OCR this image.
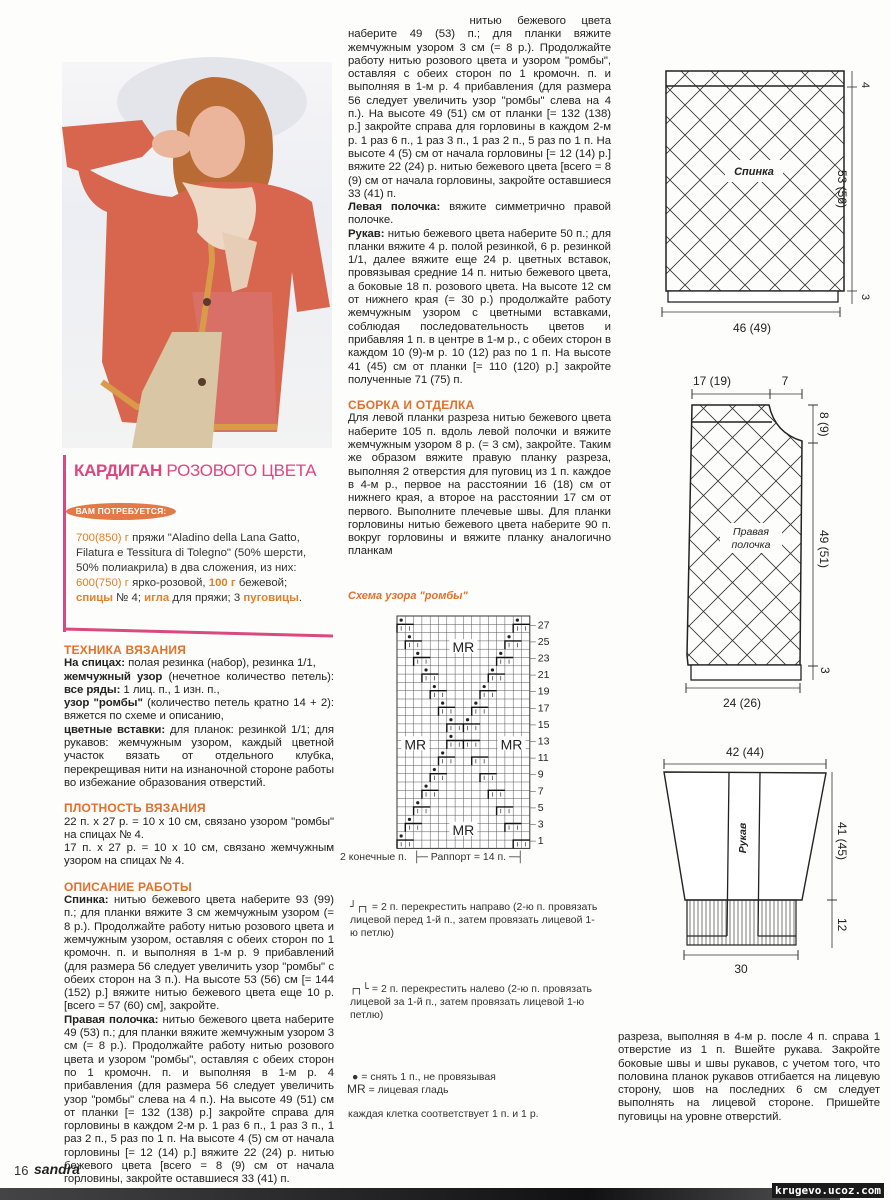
КАРДИГАН РОЗОВОГО ЦВЕТА
ВАМ ПОТРЕБУЕТСЯ:
700(850) г пряжи "Aladino della Lana Gatto, Filatura e Tessitura di Tolegno" (50% шерсти, 50% полиакрила) в два сложения, из них: 600(750) г ярко-розовой, 100 г бежевой; спицы № 4; игла для пряжи; 3 пуговицы.
ТЕХНИКА ВЯЗАНИЯ

На спицах: полая резинка (набор), резинка 1/1,

жемчужный узор (нечетное количество петель): все ряды: 1 лиц. п., 1 изн. п.,

узор "ромбы" (количество петель кратно 14 + 2): вяжется по схеме и описанию,

цветные вставки: для планок: резинкой 1/1; для рукавов: жемчужным узором, каждый цветной участок вязать от отдельного клубка, перекрещивая нити на изнаночной стороне работы во избежание образования отверстий.

ПЛОТНОСТЬ ВЯЗАНИЯ

22 п. х 27 р. = 10 х 10 см, связано узором "ромбы" на спицах № 4.

17 п. х 27 р. = 10 х 10 см, связано жемчужным узором на спицах № 4.

ОПИСАНИЕ РАБОТЫ

Спинка: нитью бежевого цвета наберите 93 (99) п.; для планки вяжите 3 см жемчужным узором (= 8 р.). Продолжайте работу нитью розового цвета и жемчужным узором, оставляя с обеих сторон по 1 кромочн. п. и выполняя в 1-м р. 9 прибавлений (для размера 56 следует увеличить узор "ромбы" с обеих сторон на 3 п.). На высоте 53 (56) см [= 144 (152) р.] вяжите нитью бежевого цвета еще 10 р. [всего = 57 (60) см], закройте.

Правая полочка: нитью бежевого цвета наберите 49 (53) п.; для планки вяжите жемчужным узором 3 см (= 8 р.). Продолжайте работу нитью розового цвета и узором "ромбы", оставляя с обеих сторон по 1 кромочн. п. и выполняя в 1-м р. 4 прибавления (для размера 56 следует увеличить узор "ромбы" слева на 4 п.). На высоте 49 (51) см от планки [= 132 (138) р.] закройте справа для горловины в каждом 2-м р. 1 раз 6 п., 1 раз 3 п., 1 раз 2 п., 5 раз по 1 п. На высоте 4 (5) см от начала горловины [= 12 (14) р.] вяжите 22 (24) р. нитью бежевого цвета [всего = 8 (9) см от начала горловины, закройте оставшиеся 33 (41) п.

нитью бежевого цвета наберите 49 (53) п.; для планки вяжите жемчужным узором 3 см (= 8 р.). Продолжайте работу нитью розового цвета и узором "ромбы", оставляя с обеих сторон по 1 кромочн. п. и выполняя в 1-м р. 4 прибавления (для размера 56 следует увеличить узор "ромбы" слева на 4 п.). На высоте 49 (51) см от планки [= 132 (138) р.] закройте справа для горловины в каждом 2-м р. 1 раз 6 п., 1 раз 3 п., 1 раз 2 п., 5 раз по 1 п. На высоте 4 (5) см от начала горловины [= 12 (14) р.] вяжите 22 (24) р. нитью бежевого цвета [всего = 8 (9) см от начала горловины, закройте оставшиеся 33 (41) п.

Левая полочка: вяжите симметрично правой полочке.

Рукав: нитью бежевого цвета наберите 50 п.; для планки вяжите 4 р. полой резинкой, 6 р. резинкой 1/1, далее вяжите еще 24 р. цветных вставок, провязывая средние 14 п. нитью бежевого цвета, а боковые 18 п. розового цвета. На высоте 12 см от нижнего края (= 30 р.) продолжайте работу жемчужным узором с цветными вставками, соблюдая последовательность цветов и прибавляя 1 п. в центре в 1-м р., с обеих сторон в каждом 10 (9)-м р. 10 (12) раз по 1 п. На высоте 41 (45) см от планки [= 110 (120) р.] закройте полученные 71 (75) п.

СБОРКА И ОТДЕЛКА

Для левой планки разреза нитью бежевого цвета наберите 105 п. вдоль левой полочки и вяжите жемчужным узором 8 р. (= 3 см), закройте. Таким же образом вяжите правую планку разреза, выполняя 2 отверстия для пуговиц из 1 п. каждое в 4-м р., первое на расстоянии 16 (18) см от нижнего края, а второе на расстоянии 17 см от первого. Выполните плечевые швы. Для планки горловины нитью бежевого цвета наберите 90 п. вокруг горловины и вяжите планку аналогично планкам

Схема узора "ромбы"
MR
MR	MR
MR
27
25
23
21
19
17
15
13
11
9
7
5
3
1
2 конечные п. ├─ Раппорт = 14 п. ─┤
┘┌┐ = 2 п. перекрестить направо (2-ю п. провязать лицевой перед 1-й п., затем провязать лицевой 1-ю петлю)
┌┐└ = 2 п. перекрестить налево (2-ю п. провязать лицевой за 1-й п., затем провязать лицевой 1-ю петлю)
● = снять 1 п., не провязывая
MR = лицевая гладь
каждая клетка соответствует 1 п. и 1 р.
разреза, выполняя в 4-м р. после 4 п. справа 1 отверстие из 1 п. Вшейте рукава. Закройте боковые швы и швы рукавов, с учетом того, что половина планок рукавов отгибается на лицевую сторону, шов на последних 6 см следует выполнять на лицевой стороне. Пришейте пуговицы на уровне отверстий.
Спинка
4
53 (56)
3
46 (49)
17 (19)	7
Правая
полочка
8 (9)
49 (51)
3
24 (26)
42 (44)
Рукав	41 (45)
12
30
16 sandra
krugevo.ucoz.com
